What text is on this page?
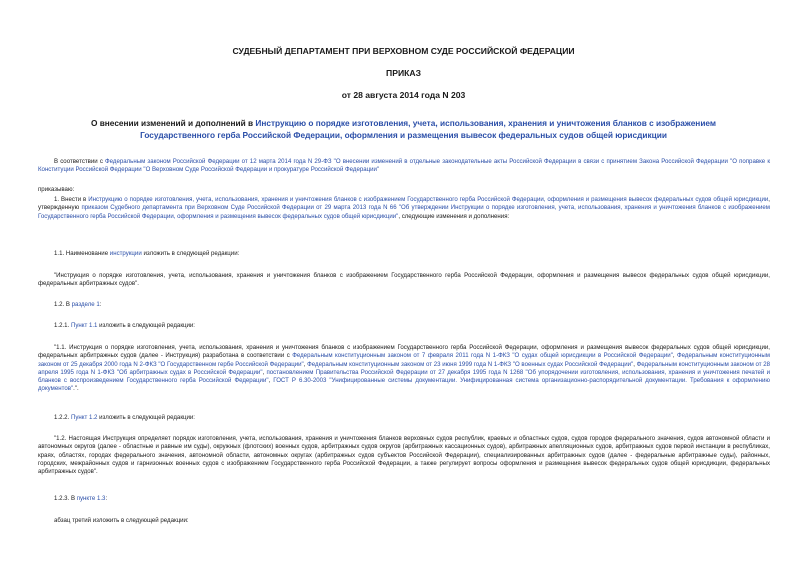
СУДЕБНЫЙ ДЕПАРТАМЕНТ ПРИ ВЕРХОВНОМ СУДЕ РОССИЙСКОЙ ФЕДЕРАЦИИ
ПРИКАЗ
от 28 августа 2014 года N 203
О внесении изменений и дополнений в Инструкцию о порядке изготовления, учета, использования, хранения и уничтожения бланков с изображением Государственного герба Российской Федерации, оформления и размещения вывесок федеральных судов общей юрисдикции
В соответствии с Федеральным законом Российской Федерации от 12 марта 2014 года N 29-ФЗ "О внесении изменений в отдельные законодательные акты Российской Федерации в связи с принятием Закона Российской Федерации "О поправке к Конституции Российской Федерации "О Верховном Суде Российской Федерации и прокуратуре Российской Федерации"
приказываю:
1. Внести в Инструкцию о порядке изготовления, учета, использования, хранения и уничтожения бланков с изображением Государственного герба Российской Федерации, оформления и размещения вывесок федеральных судов общей юрисдикции, утвержденную приказом Судебного департамента при Верховном Суде Российской Федерации от 29 марта 2013 года N 66 "Об утверждении Инструкции о порядке изготовления, учета, использования, хранения и уничтожения бланков с изображением Государственного герба Российской Федерации, оформления и размещения вывесок федеральных судов общей юрисдикции", следующие изменения и дополнения:
1.1. Наименование инструкции изложить в следующей редакции:
"Инструкция о порядке изготовления, учета, использования, хранения и уничтожения бланков с изображением Государственного герба Российской Федерации, оформления и размещения вывесок федеральных судов общей юрисдикции, федеральных арбитражных судов".
1.2. В разделе 1:
1.2.1. Пункт 1.1 изложить в следующей редакции:
"1.1. Инструкция о порядке изготовления, учета, использования, хранения и уничтожения бланков с изображением Государственного герба Российской Федерации, оформления и размещения вывесок федеральных судов общей юрисдикции, федеральных арбитражных судов (далее - Инструкция) разработана в соответствии с Федеральным конституционным законом от 7 февраля 2011 года N 1-ФКЗ "О судах общей юрисдикции в Российской Федерации", Федеральным конституционным законом от 25 декабря 2000 года N 2-ФКЗ "О Государственном гербе Российской Федерации", Федеральным конституционным законом от 23 июня 1999 года N 1-ФКЗ "О военных судах Российской Федерации", Федеральным конституционным законом от 28 апреля 1995 года N 1-ФКЗ "Об арбитражных судах в Российской Федерации", постановлением Правительства Российской Федерации от 27 декабря 1995 года N 1268 "Об упорядочении изготовления, использования, хранения и уничтожения печатей и бланков с воспроизведением Государственного герба Российской Федерации", ГОСТ Р 6.30-2003 "Унифицированные системы документации. Унифицированная система организационно-распорядительной документации. Требования к оформлению документов".".
1.2.2. Пункт 1.2 изложить в следующей редакции:
"1.2. Настоящая Инструкция определяет порядок изготовления, учета, использования, хранения и уничтожения бланков верховных судов республик, краевых и областных судов, судов городов федерального значения, судов автономной области и автономных округов (далее - областные и равные им суды), окружных (флотских) военных судов, арбитражных судов округов (арбитражных кассационных судов), арбитражных апелляционных судов, арбитражных судов первой инстанции в республиках, краях, областях, городах федерального значения, автономной области, автономных округах (арбитражных судов субъектов Российской Федерации), специализированных арбитражных судов (далее - федеральные арбитражные суды), районных, городских, межрайонных судов и гарнизонных военных судов с изображением Государственного герба Российской Федерации, а также регулирует вопросы оформления и размещения вывесок федеральных судов общей юрисдикции, федеральных арбитражных судов".
1.2.3. В пункте 1.3:
абзац третий изложить в следующей редакции:
